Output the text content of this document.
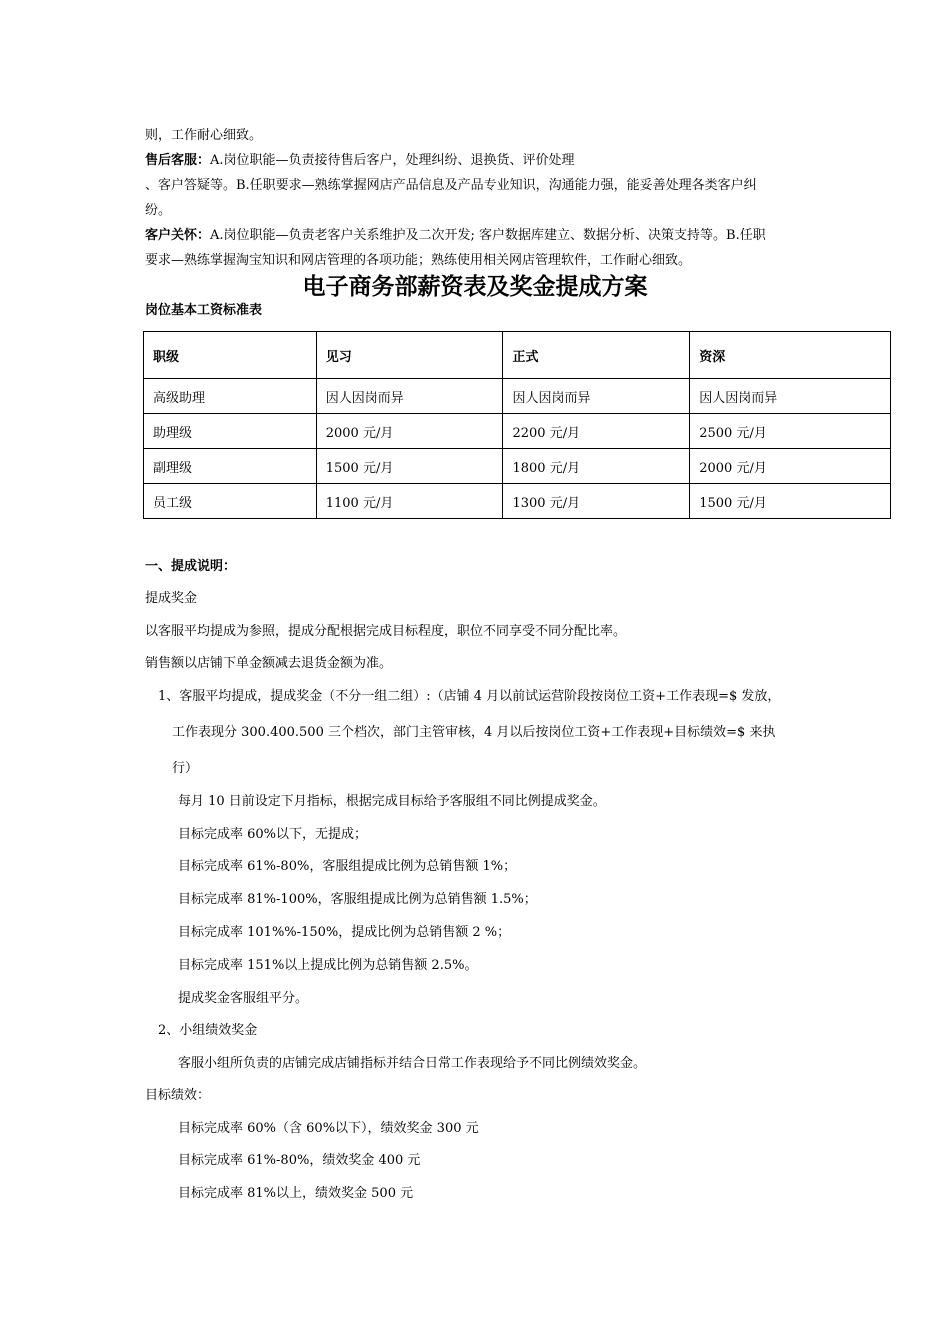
则，工作耐心细致。
售后客服：A.岗位职能—负责接待售后客户，处理纠纷、退换货、评价处理
、客户答疑等。B.任职要求—熟练掌握网店产品信息及产品专业知识，沟通能力强，能妥善处理各类客户纠
纷。
客户关怀：A.岗位职能—负责老客户关系维护及二次开发; 客户数据库建立、数据分析、决策支持等。B.任职
要求—熟练掌握淘宝知识和网店管理的各项功能；熟练使用相关网店管理软件，工作耐心细致。
电子商务部薪资表及奖金提成方案
岗位基本工资标准表
职级	见习	正式	资深
高级助理	因人因岗而异	因人因岗而异	因人因岗而异
助理级	2000 元/月	2200 元/月	2500 元/月
副理级	1500 元/月	1800 元/月	2000 元/月
员工级	1100 元/月	1300 元/月	1500 元/月
一、提成说明：
提成奖金
以客服平均提成为参照，提成分配根据完成目标程度，职位不同享受不同分配比率。
销售额以店铺下单金额减去退货金额为准。
1、客服平均提成，提成奖金（不分一组二组）:（店铺 4 月以前试运营阶段按岗位工资+工作表现=$ 发放，
工作表现分 300.400.500 三个档次，部门主管审核，4 月以后按岗位工资+工作表现+目标绩效=$ 来执
行）
每月 10 日前设定下月指标，根据完成目标给予客服组不同比例提成奖金。
目标完成率 60%以下，无提成；
目标完成率 61%-80%，客服组提成比例为总销售额 1%；
目标完成率 81%-100%，客服组提成比例为总销售额 1.5%；
目标完成率 101%%-150%，提成比例为总销售额 2 %；
目标完成率 151%以上提成比例为总销售额 2.5%。
提成奖金客服组平分。
2、小组绩效奖金
客服小组所负责的店铺完成店铺指标并结合日常工作表现给予不同比例绩效奖金。
目标绩效：
目标完成率 60%（含 60%以下），绩效奖金 300 元
目标完成率 61%-80%，绩效奖金 400 元
目标完成率 81%以上，绩效奖金 500 元
